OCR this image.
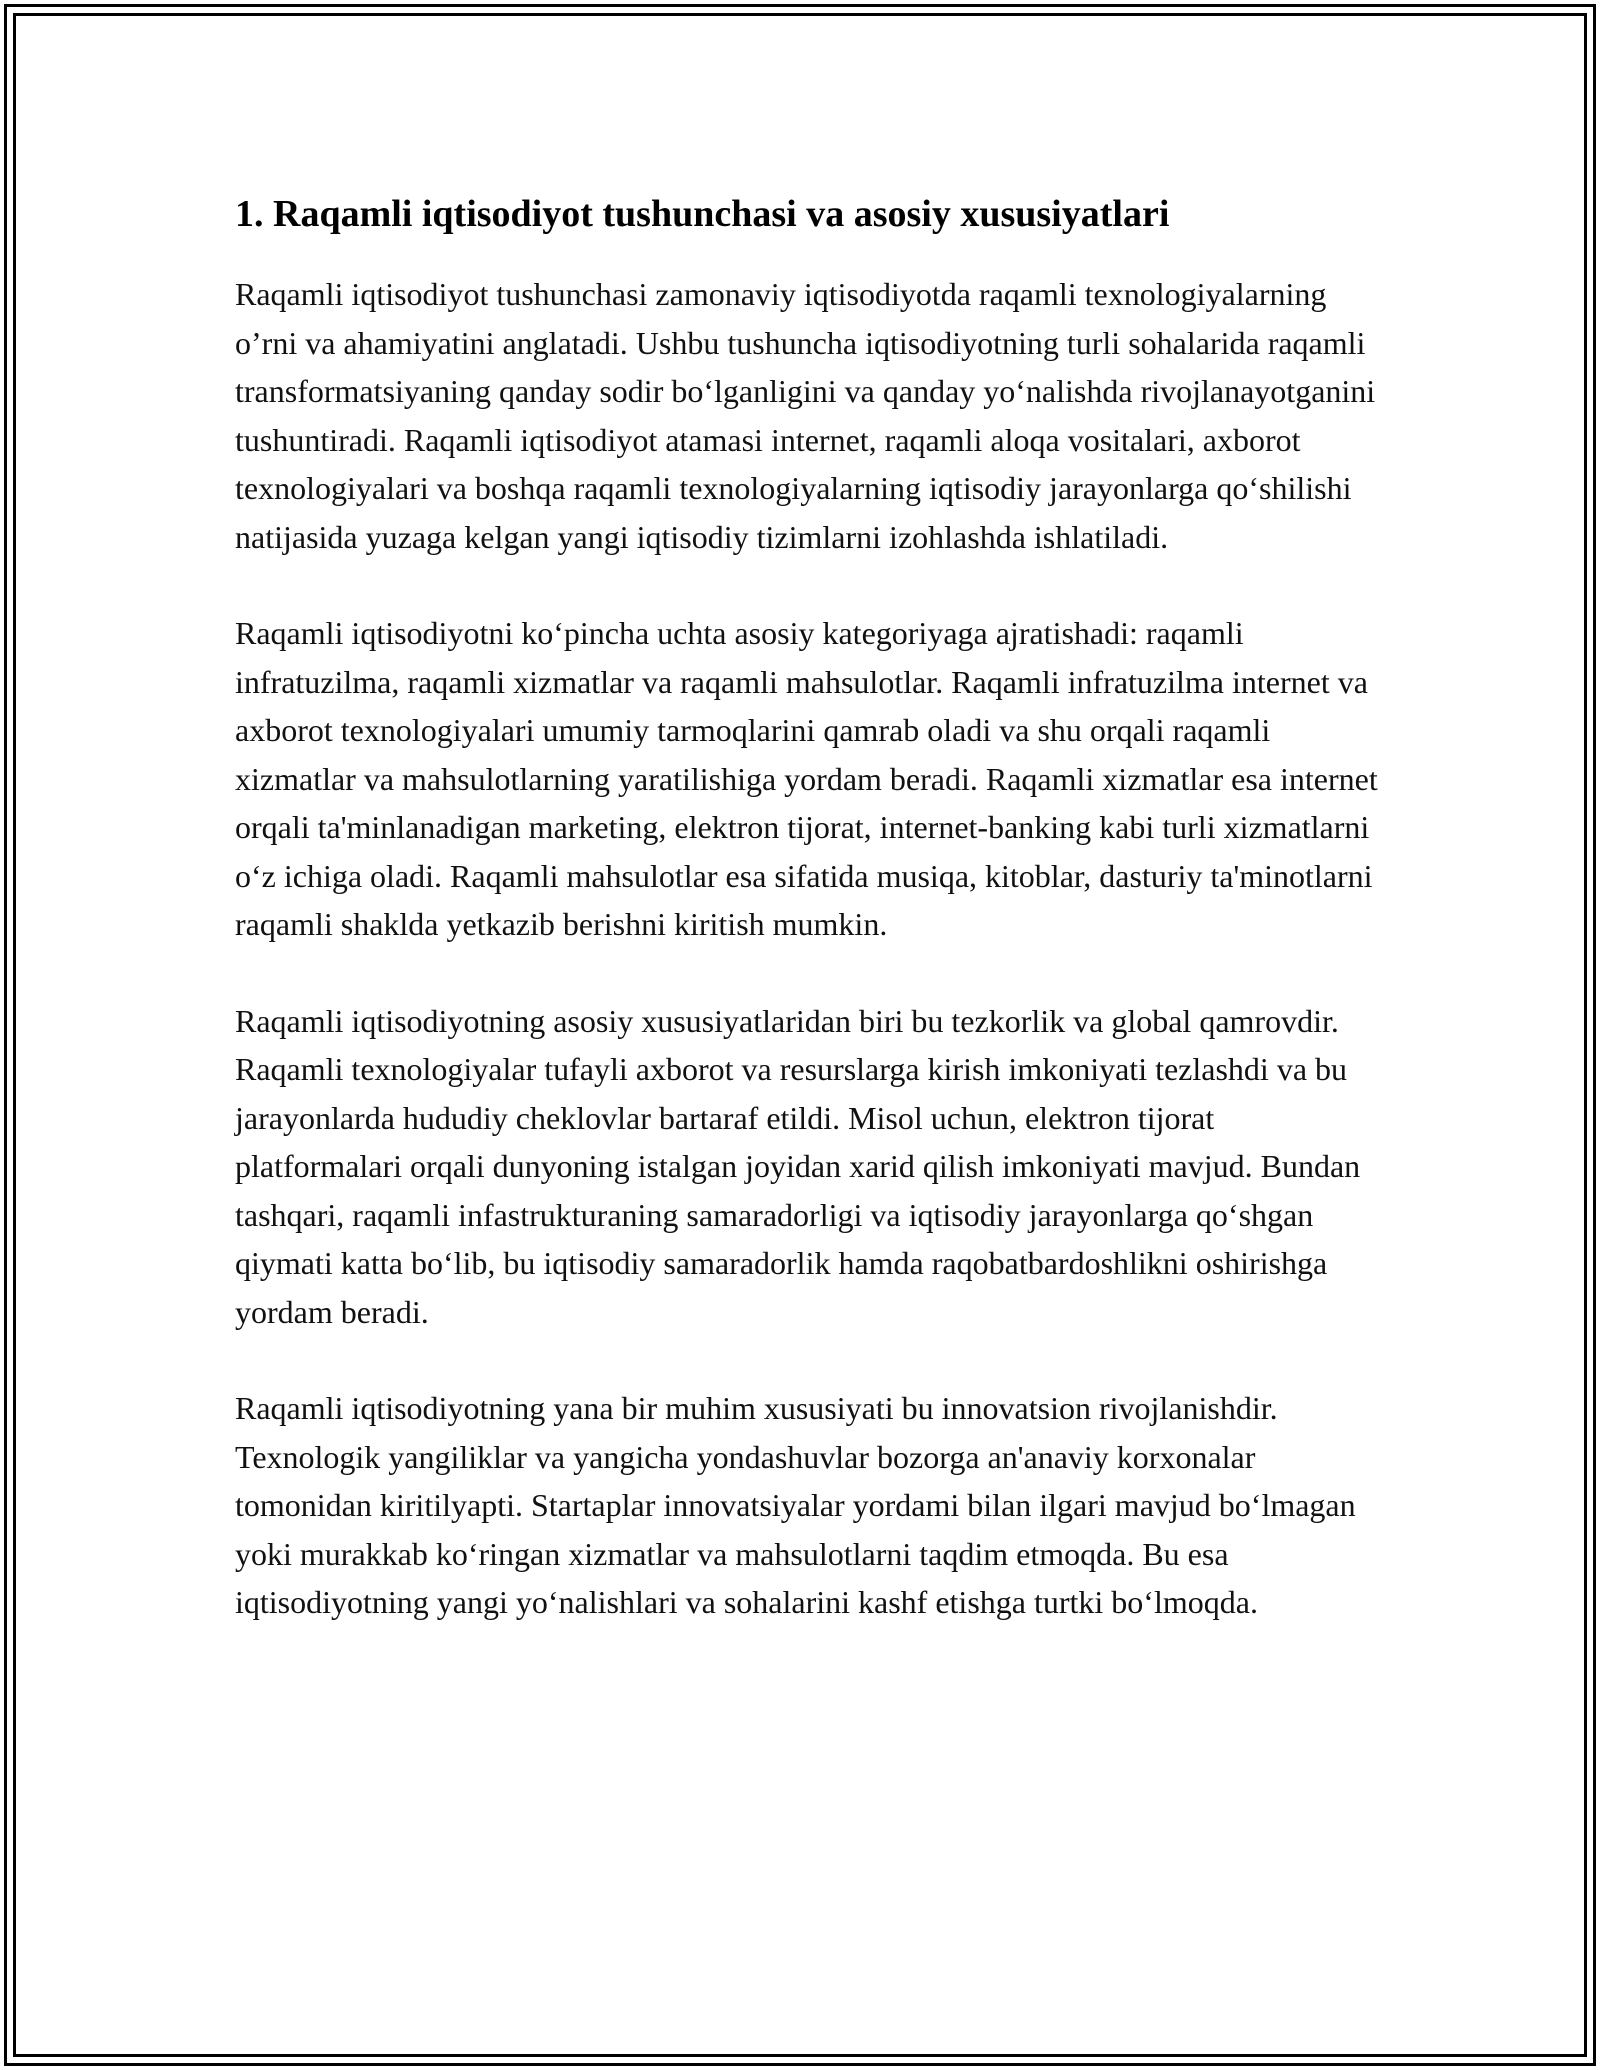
1. Raqamli iqtisodiyot tushunchasi va asosiy xususiyatlari

Raqamli iqtisodiyot tushunchasi zamonaviy iqtisodiyotda raqamli texnologiyalarning o’rni va ahamiyatini anglatadi. Ushbu tushuncha iqtisodiyotning turli sohalarida raqamli transformatsiyaning qanday sodir bo‘lganligini va qanday yo‘nalishda rivojlanayotganini tushuntiradi. Raqamli iqtisodiyot atamasi internet, raqamli aloqa vositalari, axborot texnologiyalari va boshqa raqamli texnologiyalarning iqtisodiy jarayonlarga qo‘shilishi natijasida yuzaga kelgan yangi iqtisodiy tizimlarni izohlashda ishlatiladi.

Raqamli iqtisodiyotni ko‘pincha uchta asosiy kategoriyaga ajratishadi: raqamli infratuzilma, raqamli xizmatlar va raqamli mahsulotlar. Raqamli infratuzilma internet va axborot texnologiyalari umumiy tarmoqlarini qamrab oladi va shu orqali raqamli xizmatlar va mahsulotlarning yaratilishiga yordam beradi. Raqamli xizmatlar esa internet orqali ta'minlanadigan marketing, elektron tijorat, internet-banking kabi turli xizmatlarni o‘z ichiga oladi. Raqamli mahsulotlar esa sifatida musiqa, kitoblar, dasturiy ta'minotlarni raqamli shaklda yetkazib berishni kiritish mumkin.

Raqamli iqtisodiyotning asosiy xususiyatlaridan biri bu tezkorlik va global qamrovdir. Raqamli texnologiyalar tufayli axborot va resurslarga kirish imkoniyati tezlashdi va bu jarayonlarda hududiy cheklovlar bartaraf etildi. Misol uchun, elektron tijorat platformalari orqali dunyoning istalgan joyidan xarid qilish imkoniyati mavjud. Bundan tashqari, raqamli infastrukturaning samaradorligi va iqtisodiy jarayonlarga qo‘shgan qiymati katta bo‘lib, bu iqtisodiy samaradorlik hamda raqobatbardoshlikni oshirishga yordam beradi.

Raqamli iqtisodiyotning yana bir muhim xususiyati bu innovatsion rivojlanishdir. Texnologik yangiliklar va yangicha yondashuvlar bozorga an'anaviy korxonalar tomonidan kiritilyapti. Startaplar innovatsiyalar yordami bilan ilgari mavjud bo‘lmagan yoki murakkab ko‘ringan xizmatlar va mahsulotlarni taqdim etmoqda. Bu esa iqtisodiyotning yangi yo‘nalishlari va sohalarini kashf etishga turtki bo‘lmoqda.
